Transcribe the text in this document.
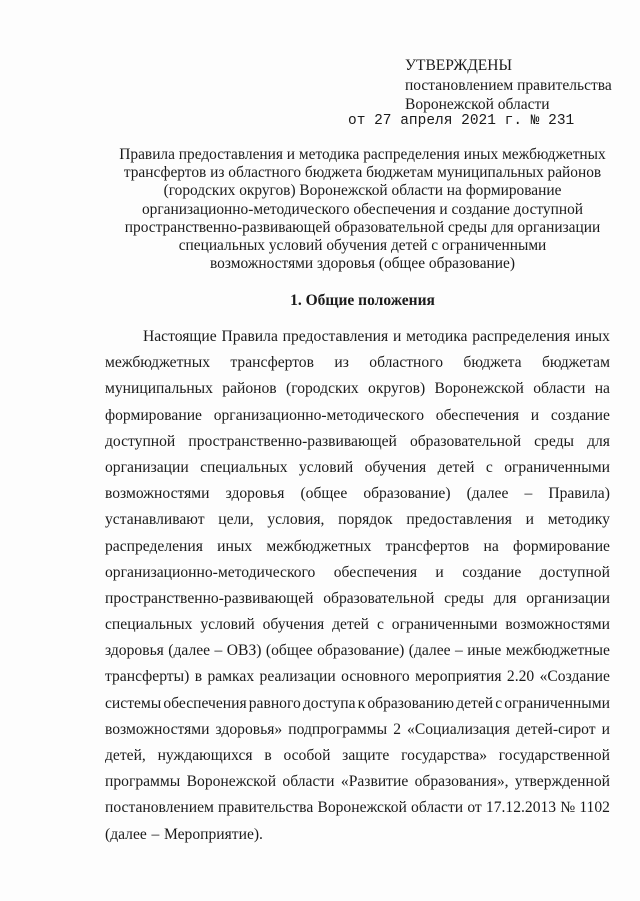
УТВЕРЖДЕНЫ
постановлением правительства
Воронежской области
от 27 апреля 2021 г. № 231
Правила предоставления и методика распределения иных межбюджетных
трансфертов из областного бюджета бюджетам муниципальных районов
(городских округов) Воронежской области на формирование
организационно-методического обеспечения и создание доступной
пространственно-развивающей образовательной среды для организации
специальных условий обучения детей с ограниченными
возможностями здоровья (общее образование)
1. Общие положения
Настоящие Правила предоставления и методика распределения иных
межбюджетных трансфертов из областного бюджета бюджетам
муниципальных районов (городских округов) Воронежской области на
формирование организационно-методического обеспечения и создание
доступной пространственно-развивающей образовательной среды для
организации специальных условий обучения детей с ограниченными
возможностями здоровья (общее образование) (далее – Правила)
устанавливают цели, условия, порядок предоставления и методику
распределения иных межбюджетных трансфертов на формирование
организационно-методического обеспечения и создание доступной
пространственно-развивающей образовательной среды для организации
специальных условий обучения детей с ограниченными возможностями
здоровья (далее – ОВЗ) (общее образование) (далее – иные межбюджетные
трансферты) в рамках реализации основного мероприятия 2.20 «Создание
системы обеспечения равного доступа к образованию детей с ограниченными
возможностями здоровья» подпрограммы 2 «Социализация детей-сирот и
детей, нуждающихся в особой защите государства» государственной
программы Воронежской области «Развитие образования», утвержденной
постановлением правительства Воронежской области от 17.12.2013 № 1102
(далее – Мероприятие).
